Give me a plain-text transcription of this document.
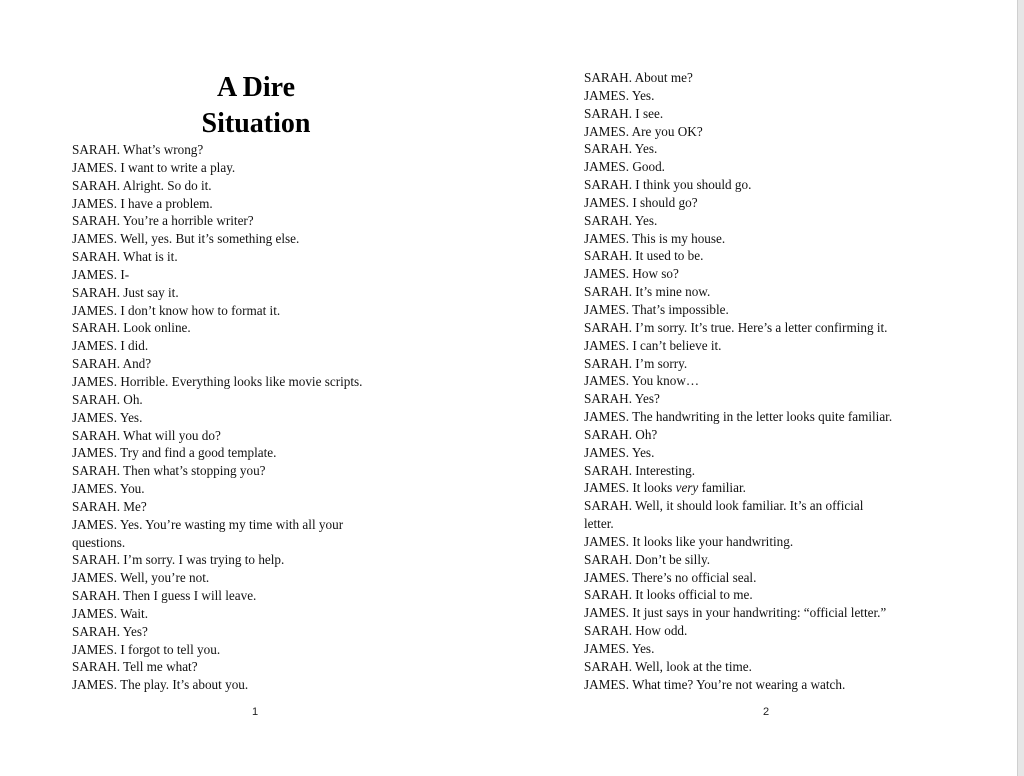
A Dire
Situation
SARAH. What’s wrong?
JAMES. I want to write a play.
SARAH. Alright. So do it.
JAMES. I have a problem.
SARAH. You’re a horrible writer?
JAMES. Well, yes. But it’s something else.
SARAH. What is it.
JAMES. I-
SARAH. Just say it.
JAMES. I don’t know how to format it.
SARAH. Look online.
JAMES. I did.
SARAH. And?
JAMES. Horrible. Everything looks like movie scripts.
SARAH. Oh.
JAMES. Yes.
SARAH. What will you do?
JAMES. Try and find a good template.
SARAH. Then what’s stopping you?
JAMES. You.
SARAH. Me?
JAMES. Yes. You’re wasting my time with all your
questions.
SARAH. I’m sorry. I was trying to help.
JAMES. Well, you’re not.
SARAH. Then I guess I will leave.
JAMES. Wait.
SARAH. Yes?
JAMES. I forgot to tell you.
SARAH. Tell me what?
JAMES. The play. It’s about you.
1
SARAH. About me?
JAMES. Yes.
SARAH. I see.
JAMES. Are you OK?
SARAH. Yes.
JAMES. Good.
SARAH. I think you should go.
JAMES. I should go?
SARAH. Yes.
JAMES. This is my house.
SARAH. It used to be.
JAMES. How so?
SARAH. It’s mine now.
JAMES. That’s impossible.
SARAH. I’m sorry. It’s true. Here’s a letter confirming it.
JAMES. I can’t believe it.
SARAH. I’m sorry.
JAMES. You know…
SARAH. Yes?
JAMES. The handwriting in the letter looks quite familiar.
SARAH. Oh?
JAMES. Yes.
SARAH. Interesting.
JAMES. It looks very familiar.
SARAH. Well, it should look familiar. It’s an official
letter.
JAMES. It looks like your handwriting.
SARAH. Don’t be silly.
JAMES. There’s no official seal.
SARAH. It looks official to me.
JAMES. It just says in your handwriting: “official letter.”
SARAH. How odd.
JAMES. Yes.
SARAH. Well, look at the time.
JAMES. What time? You’re not wearing a watch.
2
